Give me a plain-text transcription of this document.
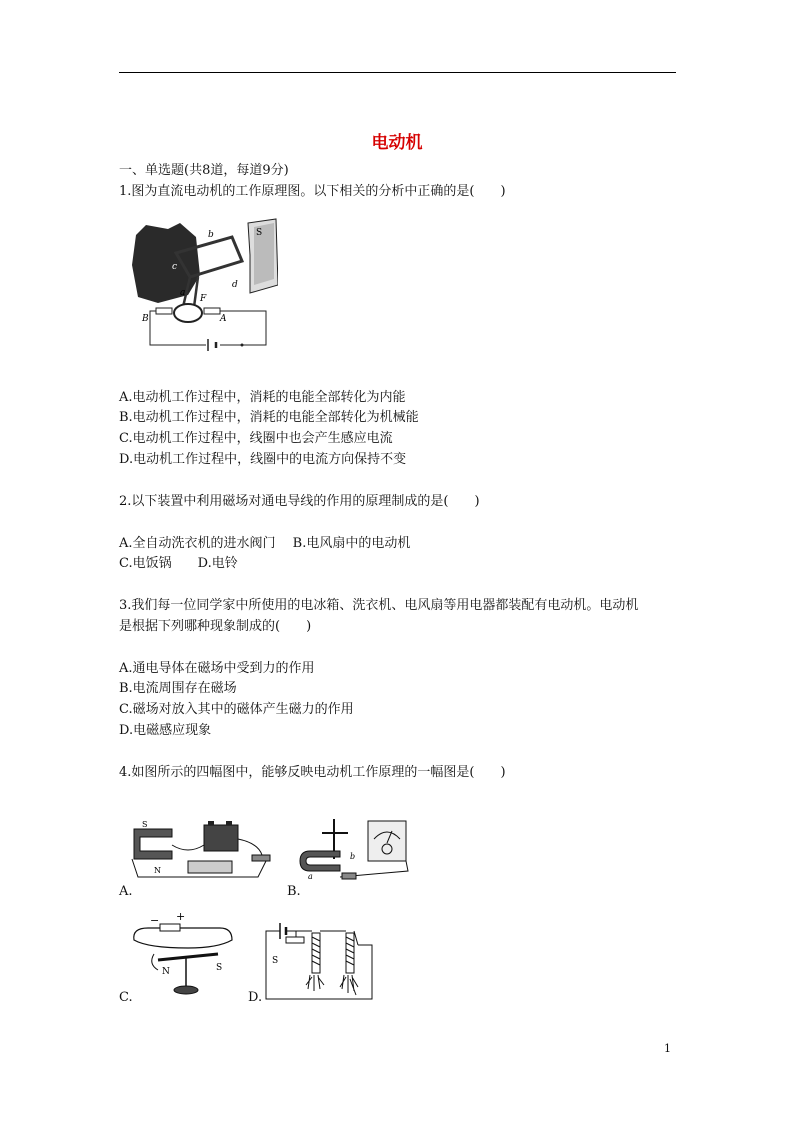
电动机
一、单选题(共8道，每道9分)
1.图为直流电动机的工作原理图。以下相关的分析中正确的是(　　)
b	S
c
d
a
F
A
B
A.电动机工作过程中，消耗的电能全部转化为内能
B.电动机工作过程中，消耗的电能全部转化为机械能
C.电动机工作过程中，线圈中也会产生感应电流
D.电动机工作过程中，线圈中的电流方向保持不变
2.以下装置中利用磁场对通电导线的作用的原理制成的是(　　)
A.全自动洗衣机的进水阀门　 B.电风扇中的电动机
C.电饭锅　　D.电铃
3.我们每一位同学家中所使用的电冰箱、洗衣机、电风扇等用电器都装配有电动机。电动机
是根据下列哪种现象制成的(　　)
A.通电导体在磁场中受到力的作用
B.电流周围存在磁场
C.磁场对放入其中的磁体产生磁力的作用
D.电磁感应现象
4.如图所示的四幅图中，能够反映电动机工作原理的一幅图是(　　)
S
N
A.
a
b
B.
− +
N	S
C.
S
D.
1
